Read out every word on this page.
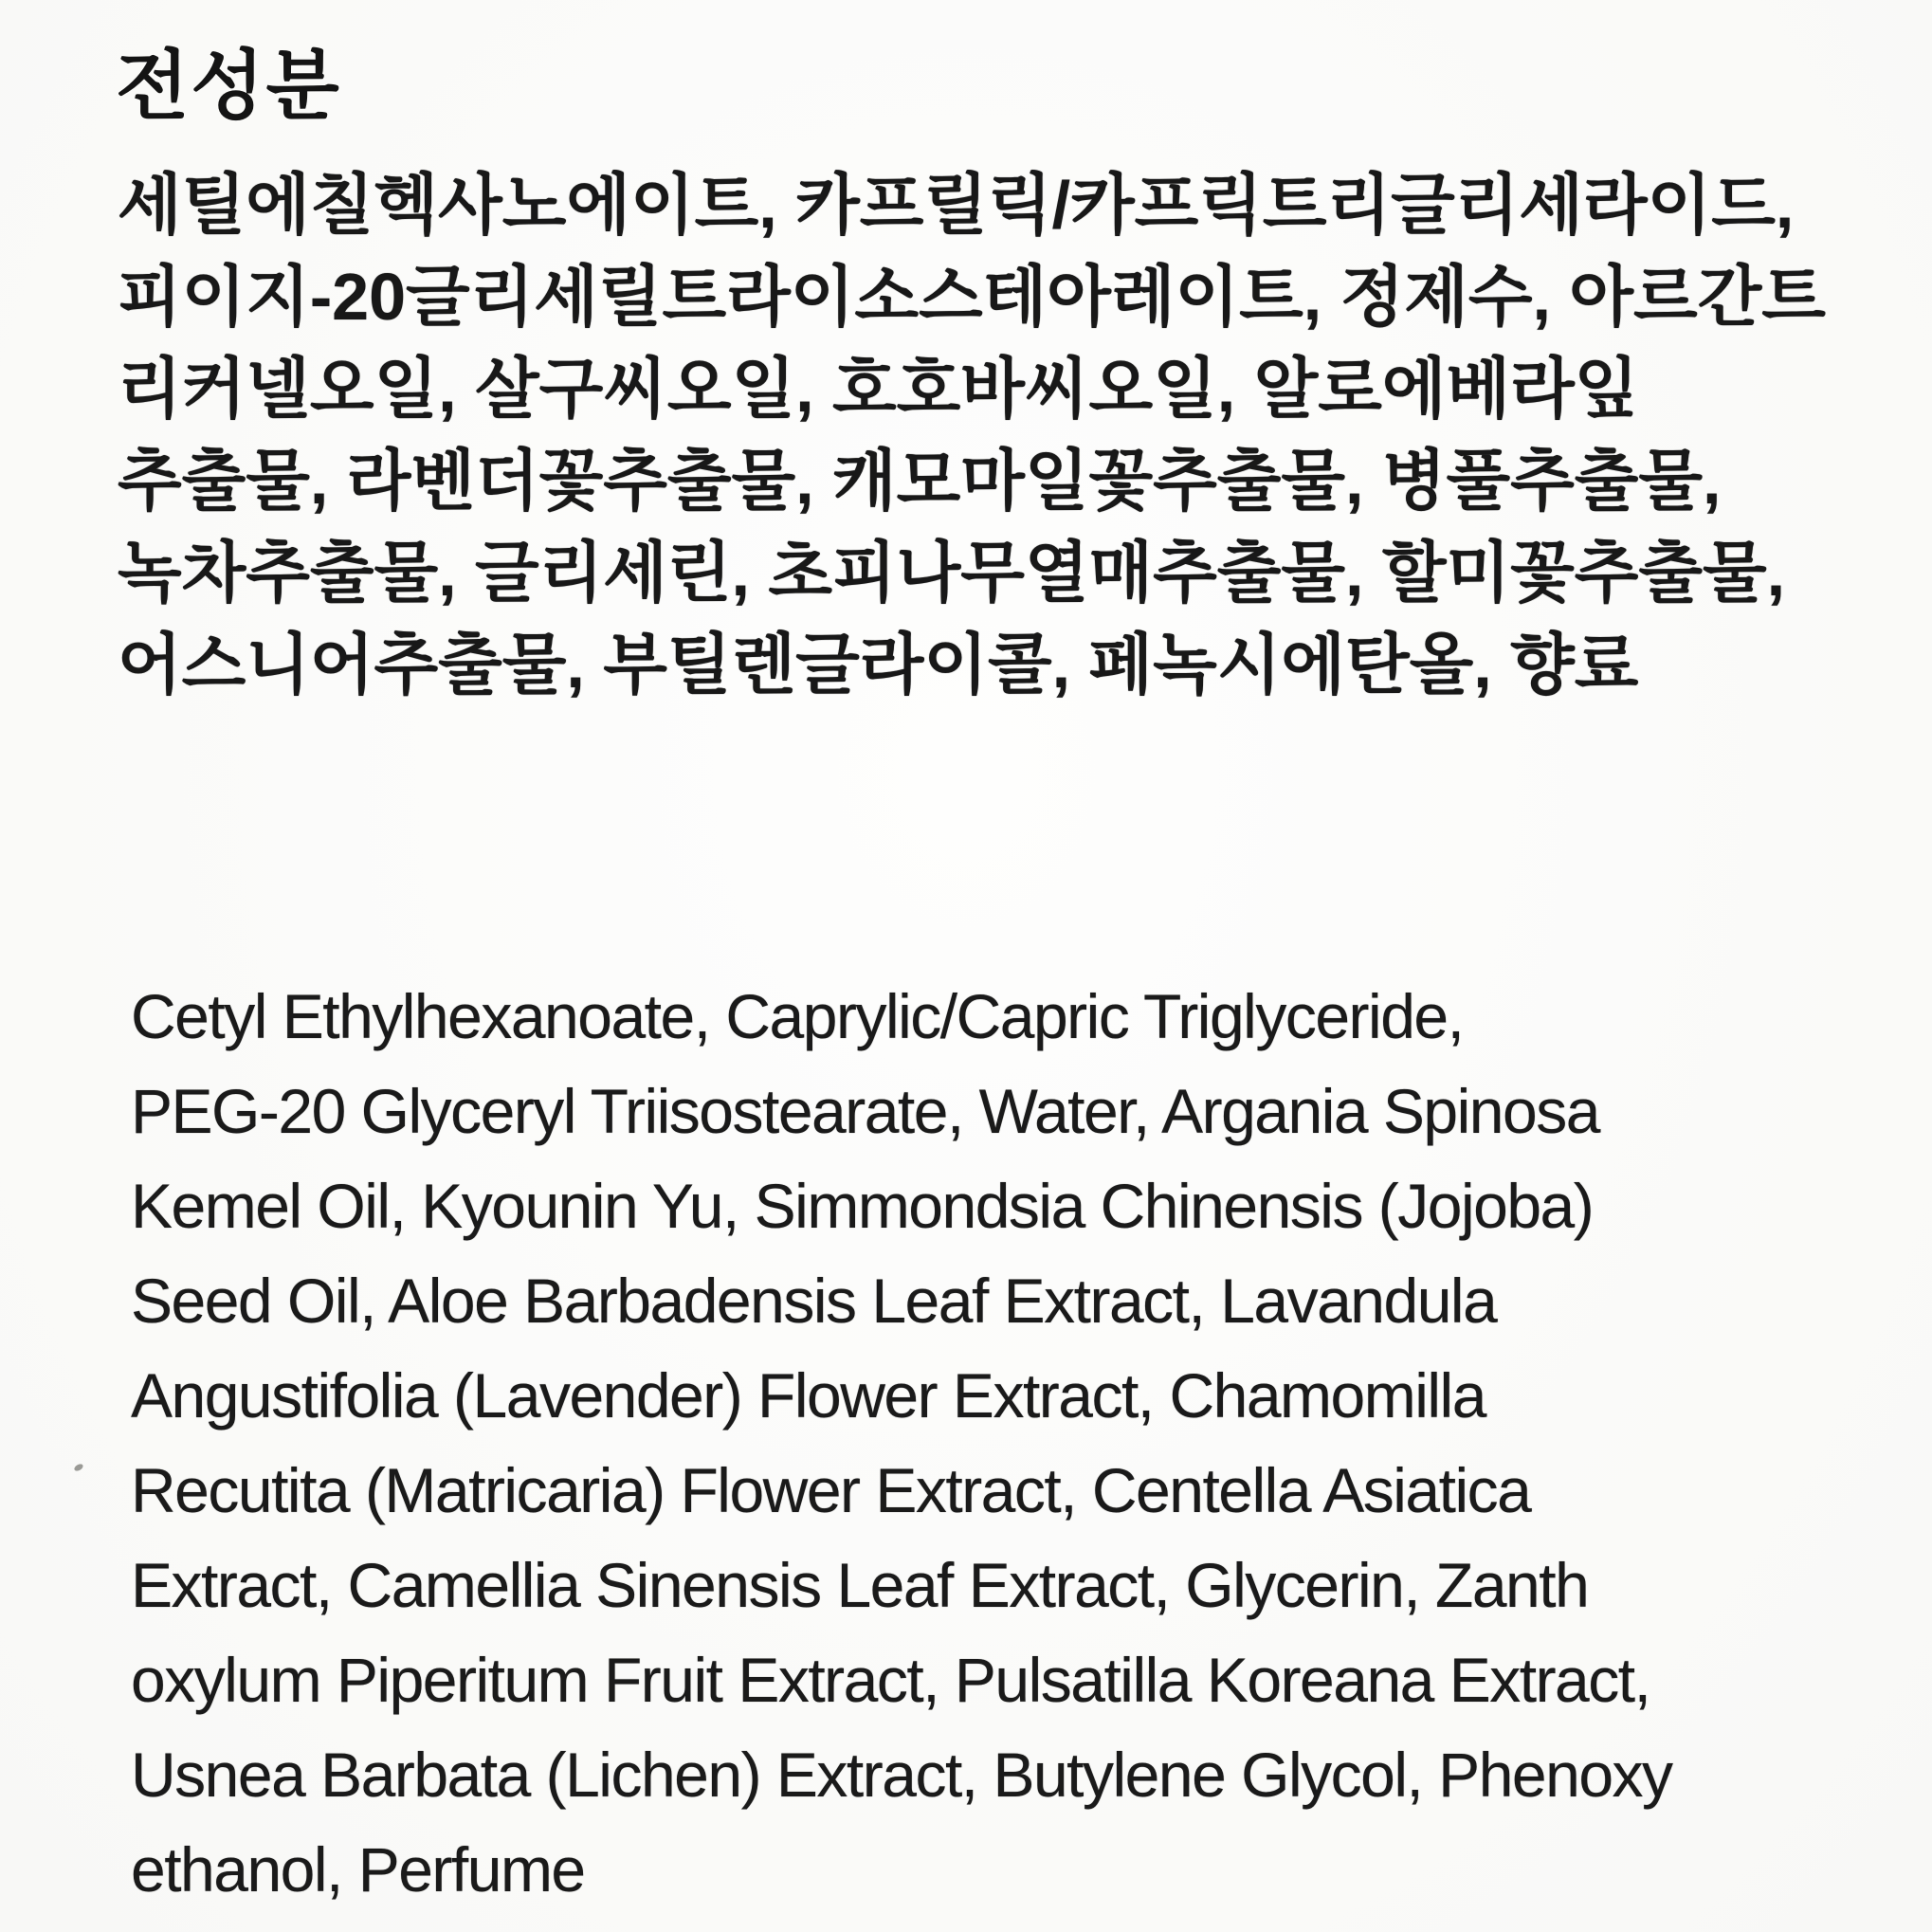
전성분
세틸에칠헥사노에이트, 카프릴릭/카프릭트리글리세라이드,
피이지-20글리세릴트라이소스테아레이트, 정제수, 아르간트
리커넬오일, 살구씨오일, 호호바씨오일, 알로에베라잎
추출물, 라벤더꽃추출물, 캐모마일꽃추출물, 병풀추출물,
녹차추출물, 글리세린, 초피나무열매추출물, 할미꽃추출물,
어스니어추출물, 부틸렌글라이콜, 페녹시에탄올, 향료
Cetyl Ethylhexanoate, Caprylic/Capric Triglyceride,
PEG-20 Glyceryl Triisostearate, Water, Argania Spinosa
Kemel Oil, Kyounin Yu, Simmondsia Chinensis (Jojoba)
Seed Oil, Aloe Barbadensis Leaf Extract, Lavandula
Angustifolia (Lavender) Flower Extract, Chamomilla
Recutita (Matricaria) Flower Extract, Centella Asiatica
Extract, Camellia Sinensis Leaf Extract, Glycerin, Zanth
oxylum Piperitum Fruit Extract, Pulsatilla Koreana Extract,
Usnea Barbata (Lichen) Extract, Butylene Glycol, Phenoxy
ethanol, Perfume
